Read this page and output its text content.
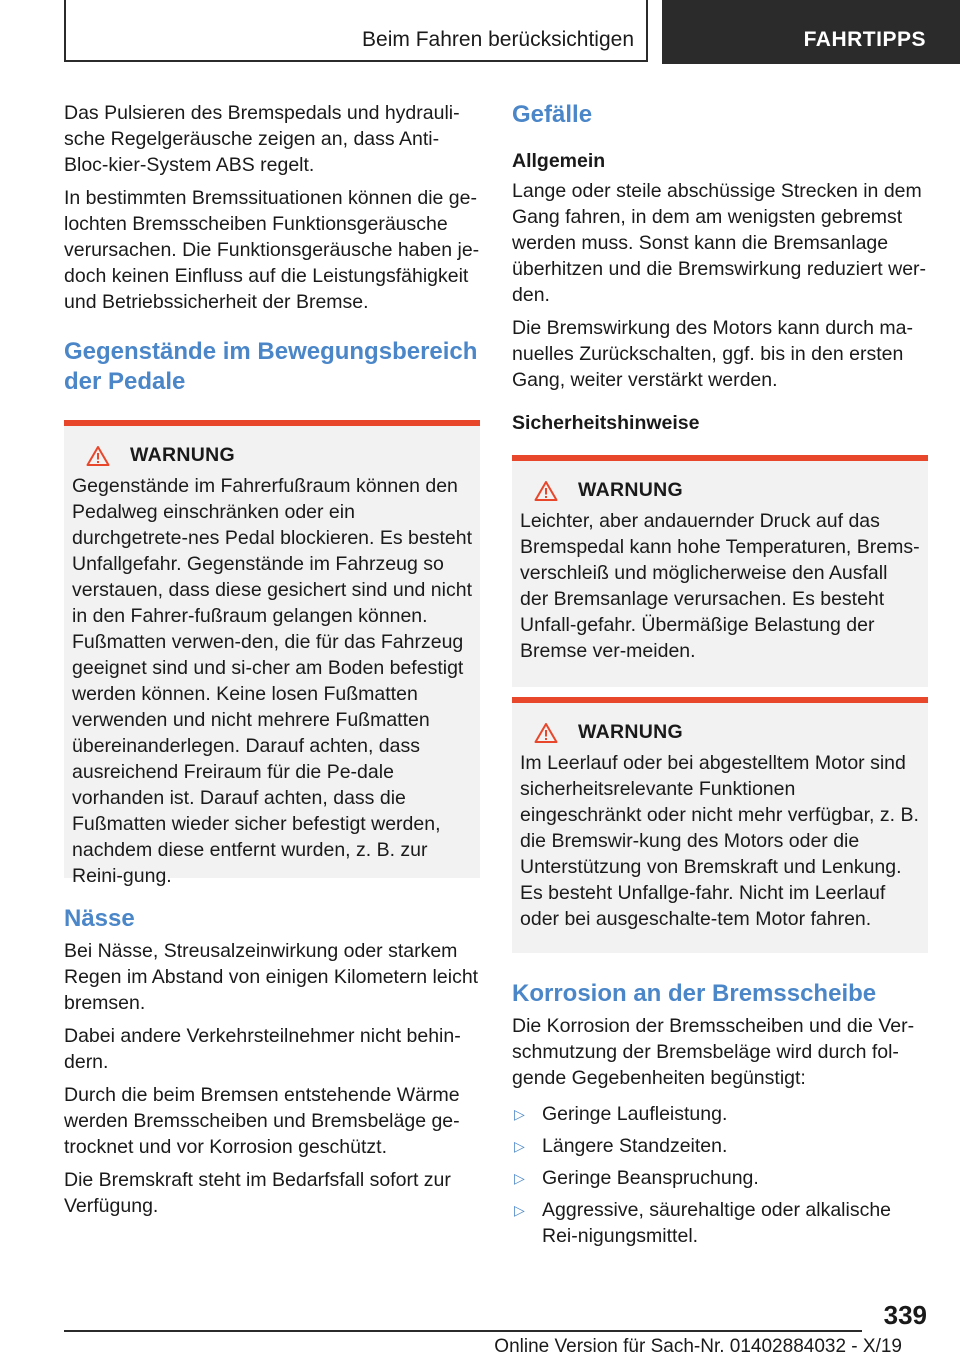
Beim Fahren berücksichtigen	FAHRTIPPS

Das Pulsieren des Bremspedals und hydrauli-sche Regelgeräusche zeigen an, dass Anti-Bloc-kier-System ABS regelt.

In bestimmten Bremssituationen können die ge-lochten Bremsscheiben Funktionsgeräusche verursachen. Die Funktionsgeräusche haben je-doch keinen Einfluss auf die Leistungsfähigkeit und Betriebssicherheit der Bremse.

Gegenstände im Bewegungsbereich der Pedale
WARNUNG

Gegenstände im Fahrerfußraum können den Pedalweg einschränken oder ein durchgetrete-nes Pedal blockieren. Es besteht Unfallgefahr. Gegenstände im Fahrzeug so verstauen, dass diese gesichert sind und nicht in den Fahrer-fußraum gelangen können. Fußmatten verwen-den, die für das Fahrzeug geeignet sind und si-cher am Boden befestigt werden können. Keine losen Fußmatten verwenden und nicht mehrere Fußmatten übereinanderlegen. Darauf achten, dass ausreichend Freiraum für die Pe-dale vorhanden ist. Darauf achten, dass die Fußmatten wieder sicher befestigt werden, nachdem diese entfernt wurden, z. B. zur Reini-gung.

Nässe

Bei Nässe, Streusalzeinwirkung oder starkem Regen im Abstand von einigen Kilometern leicht bremsen.

Dabei andere Verkehrsteilnehmer nicht behin-dern.

Durch die beim Bremsen entstehende Wärme werden Bremsscheiben und Bremsbeläge ge-trocknet und vor Korrosion geschützt.

Die Bremskraft steht im Bedarfsfall sofort zur Verfügung.

Gefälle
Allgemein

Lange oder steile abschüssige Strecken in dem Gang fahren, in dem am wenigsten gebremst werden muss. Sonst kann die Bremsanlage überhitzen und die Bremswirkung reduziert wer-den.

Die Bremswirkung des Motors kann durch ma-nuelles Zurückschalten, ggf. bis in den ersten Gang, weiter verstärkt werden.

Sicherheitshinweise
WARNUNG

Leichter, aber andauernder Druck auf das Bremspedal kann hohe Temperaturen, Brems-verschleiß und möglicherweise den Ausfall der Bremsanlage verursachen. Es besteht Unfall-gefahr. Übermäßige Belastung der Bremse ver-meiden.

WARNUNG

Im Leerlauf oder bei abgestelltem Motor sind sicherheitsrelevante Funktionen eingeschränkt oder nicht mehr verfügbar, z. B. die Bremswir-kung des Motors oder die Unterstützung von Bremskraft und Lenkung. Es besteht Unfallge-fahr. Nicht im Leerlauf oder bei ausgeschalte-tem Motor fahren.

Korrosion an der Bremsscheibe

Die Korrosion der Bremsscheiben und die Ver-schmutzung der Bremsbeläge wird durch fol-gende Gegebenheiten begünstigt:

▷ Geringe Laufleistung.
▷ Längere Standzeiten.
▷ Geringe Beanspruchung.
▷ Aggressive, säurehaltige oder alkalische Rei-nigungsmittel.
339
Online Version für Sach-Nr. 01402884032 - X/19
